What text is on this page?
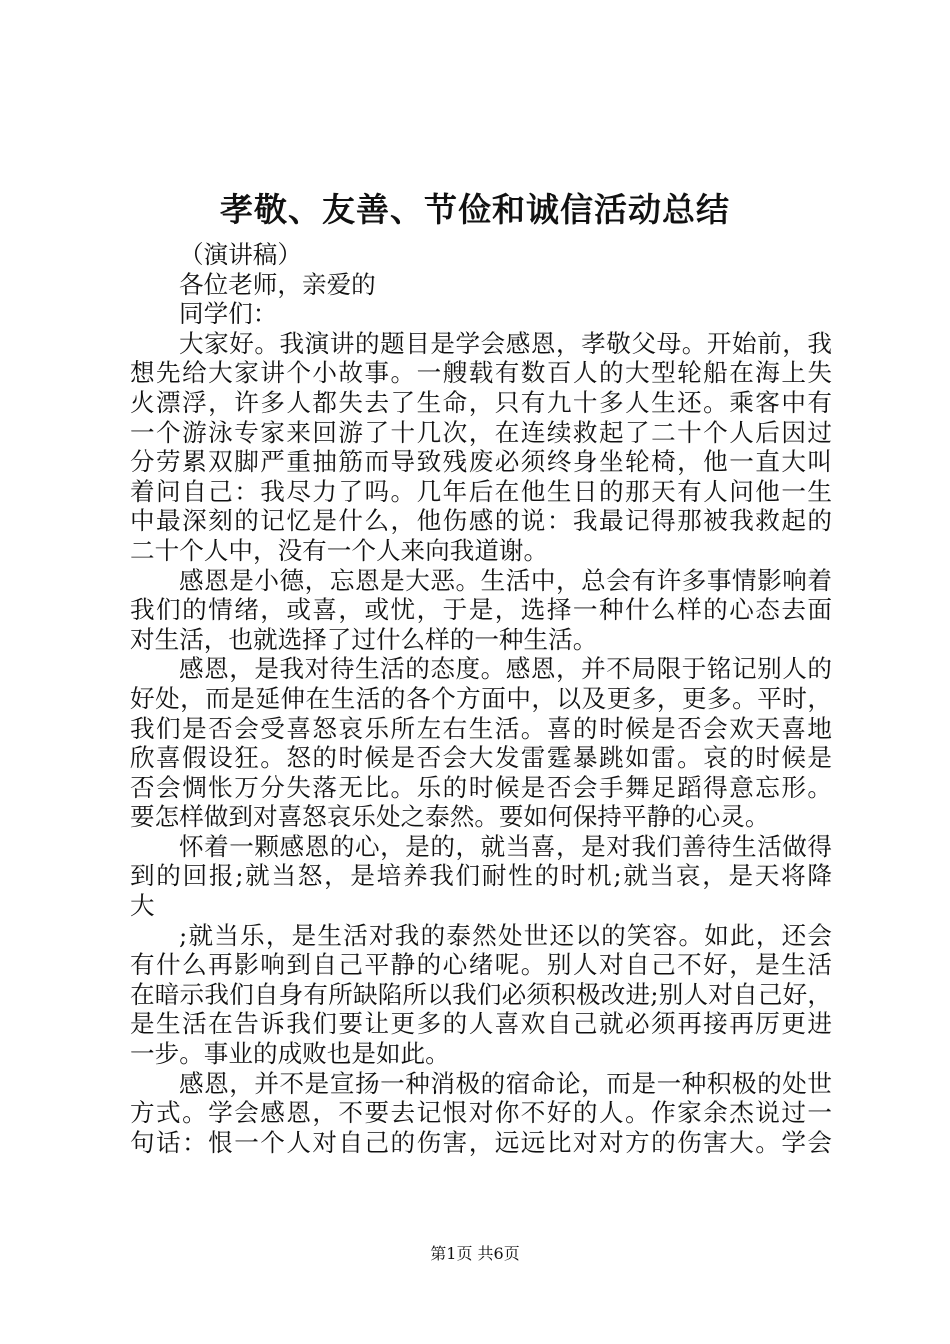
孝敬、友善、节俭和诚信活动总结
（演讲稿）
各位老师，亲爱的
同学们：
大家好。我演讲的题目是学会感恩，孝敬父母。开始前，我
想先给大家讲个小故事。一艘载有数百人的大型轮船在海上失
火漂浮，许多人都失去了生命，只有九十多人生还。乘客中有
一个游泳专家来回游了十几次，在连续救起了二十个人后因过
分劳累双脚严重抽筋而导致残废必须终身坐轮椅，他一直大叫
着问自己：我尽力了吗。几年后在他生日的那天有人问他一生
中最深刻的记忆是什么，他伤感的说：我最记得那被我救起的
二十个人中，没有一个人来向我道谢。
感恩是小德，忘恩是大恶。生活中，总会有许多事情影响着
我们的情绪，或喜，或忧，于是，选择一种什么样的心态去面
对生活，也就选择了过什么样的一种生活。
感恩，是我对待生活的态度。感恩，并不局限于铭记别人的
好处，而是延伸在生活的各个方面中，以及更多，更多。平时，
我们是否会受喜怒哀乐所左右生活。喜的时候是否会欢天喜地
欣喜假设狂。怒的时候是否会大发雷霆暴跳如雷。哀的时候是
否会惆怅万分失落无比。乐的时候是否会手舞足蹈得意忘形。
要怎样做到对喜怒哀乐处之泰然。要如何保持平静的心灵。
怀着一颗感恩的心，是的，就当喜，是对我们善待生活做得
到的回报;就当怒，是培养我们耐性的时机;就当哀，是天将降
大
;就当乐，是生活对我的泰然处世还以的笑容。如此，还会
有什么再影响到自己平静的心绪呢。别人对自己不好，是生活
在暗示我们自身有所缺陷所以我们必须积极改进;别人对自己好，
是生活在告诉我们要让更多的人喜欢自己就必须再接再厉更进
一步。事业的成败也是如此。
感恩，并不是宣扬一种消极的宿命论，而是一种积极的处世
方式。学会感恩，不要去记恨对你不好的人。作家余杰说过一
句话：恨一个人对自己的伤害，远远比对对方的伤害大。学会
第1页 共6页
